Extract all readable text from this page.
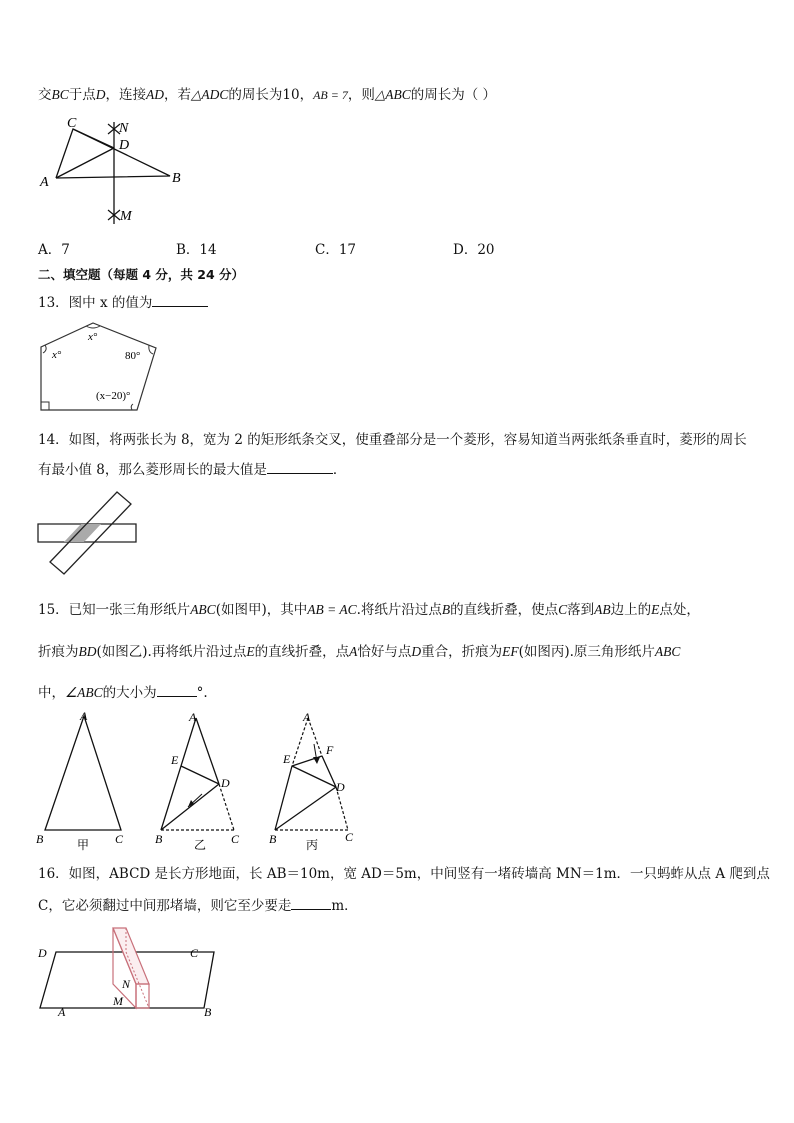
交BC于点D，连接AD，若△ADC的周长为10，AB = 7，则△ABC的周长为（ ）
C	N
D
A	B
M
A．7	B．14	C．17	D．20
二、填空题（每题 4 分，共 24 分）
13．图中 x 的值为
x°
x°	80°
(x−20)°
14．如图，将两张长为 8，宽为 2 的矩形纸条交叉，使重叠部分是一个菱形，容易知道当两张纸条垂直时，菱形的周长
有最小值 8，那么菱形周长的最大值是	．
15．已知一张三角形纸片ABC(如图甲)，其中AB = AC.将纸片沿过点B的直线折叠，使点C落到AB边上的E点处，
折痕为BD(如图乙).再将纸片沿过点E的直线折叠，点A恰好与点D重合，折痕为EF(如图丙).原三角形纸片ABC
中，∠ABC的大小为	°.
A
B	C
甲
A
E
D
B	C
乙
A
F
E
D
B	C
丙
16．如图，ABCD 是长方形地面，长 AB＝10m，宽 AD＝5m，中间竖有一堵砖墙高 MN＝1m．一只蚂蚱从点 A 爬到点
C，它必须翻过中间那堵墙，则它至少要走	m．
D	C
A	B
M
N
